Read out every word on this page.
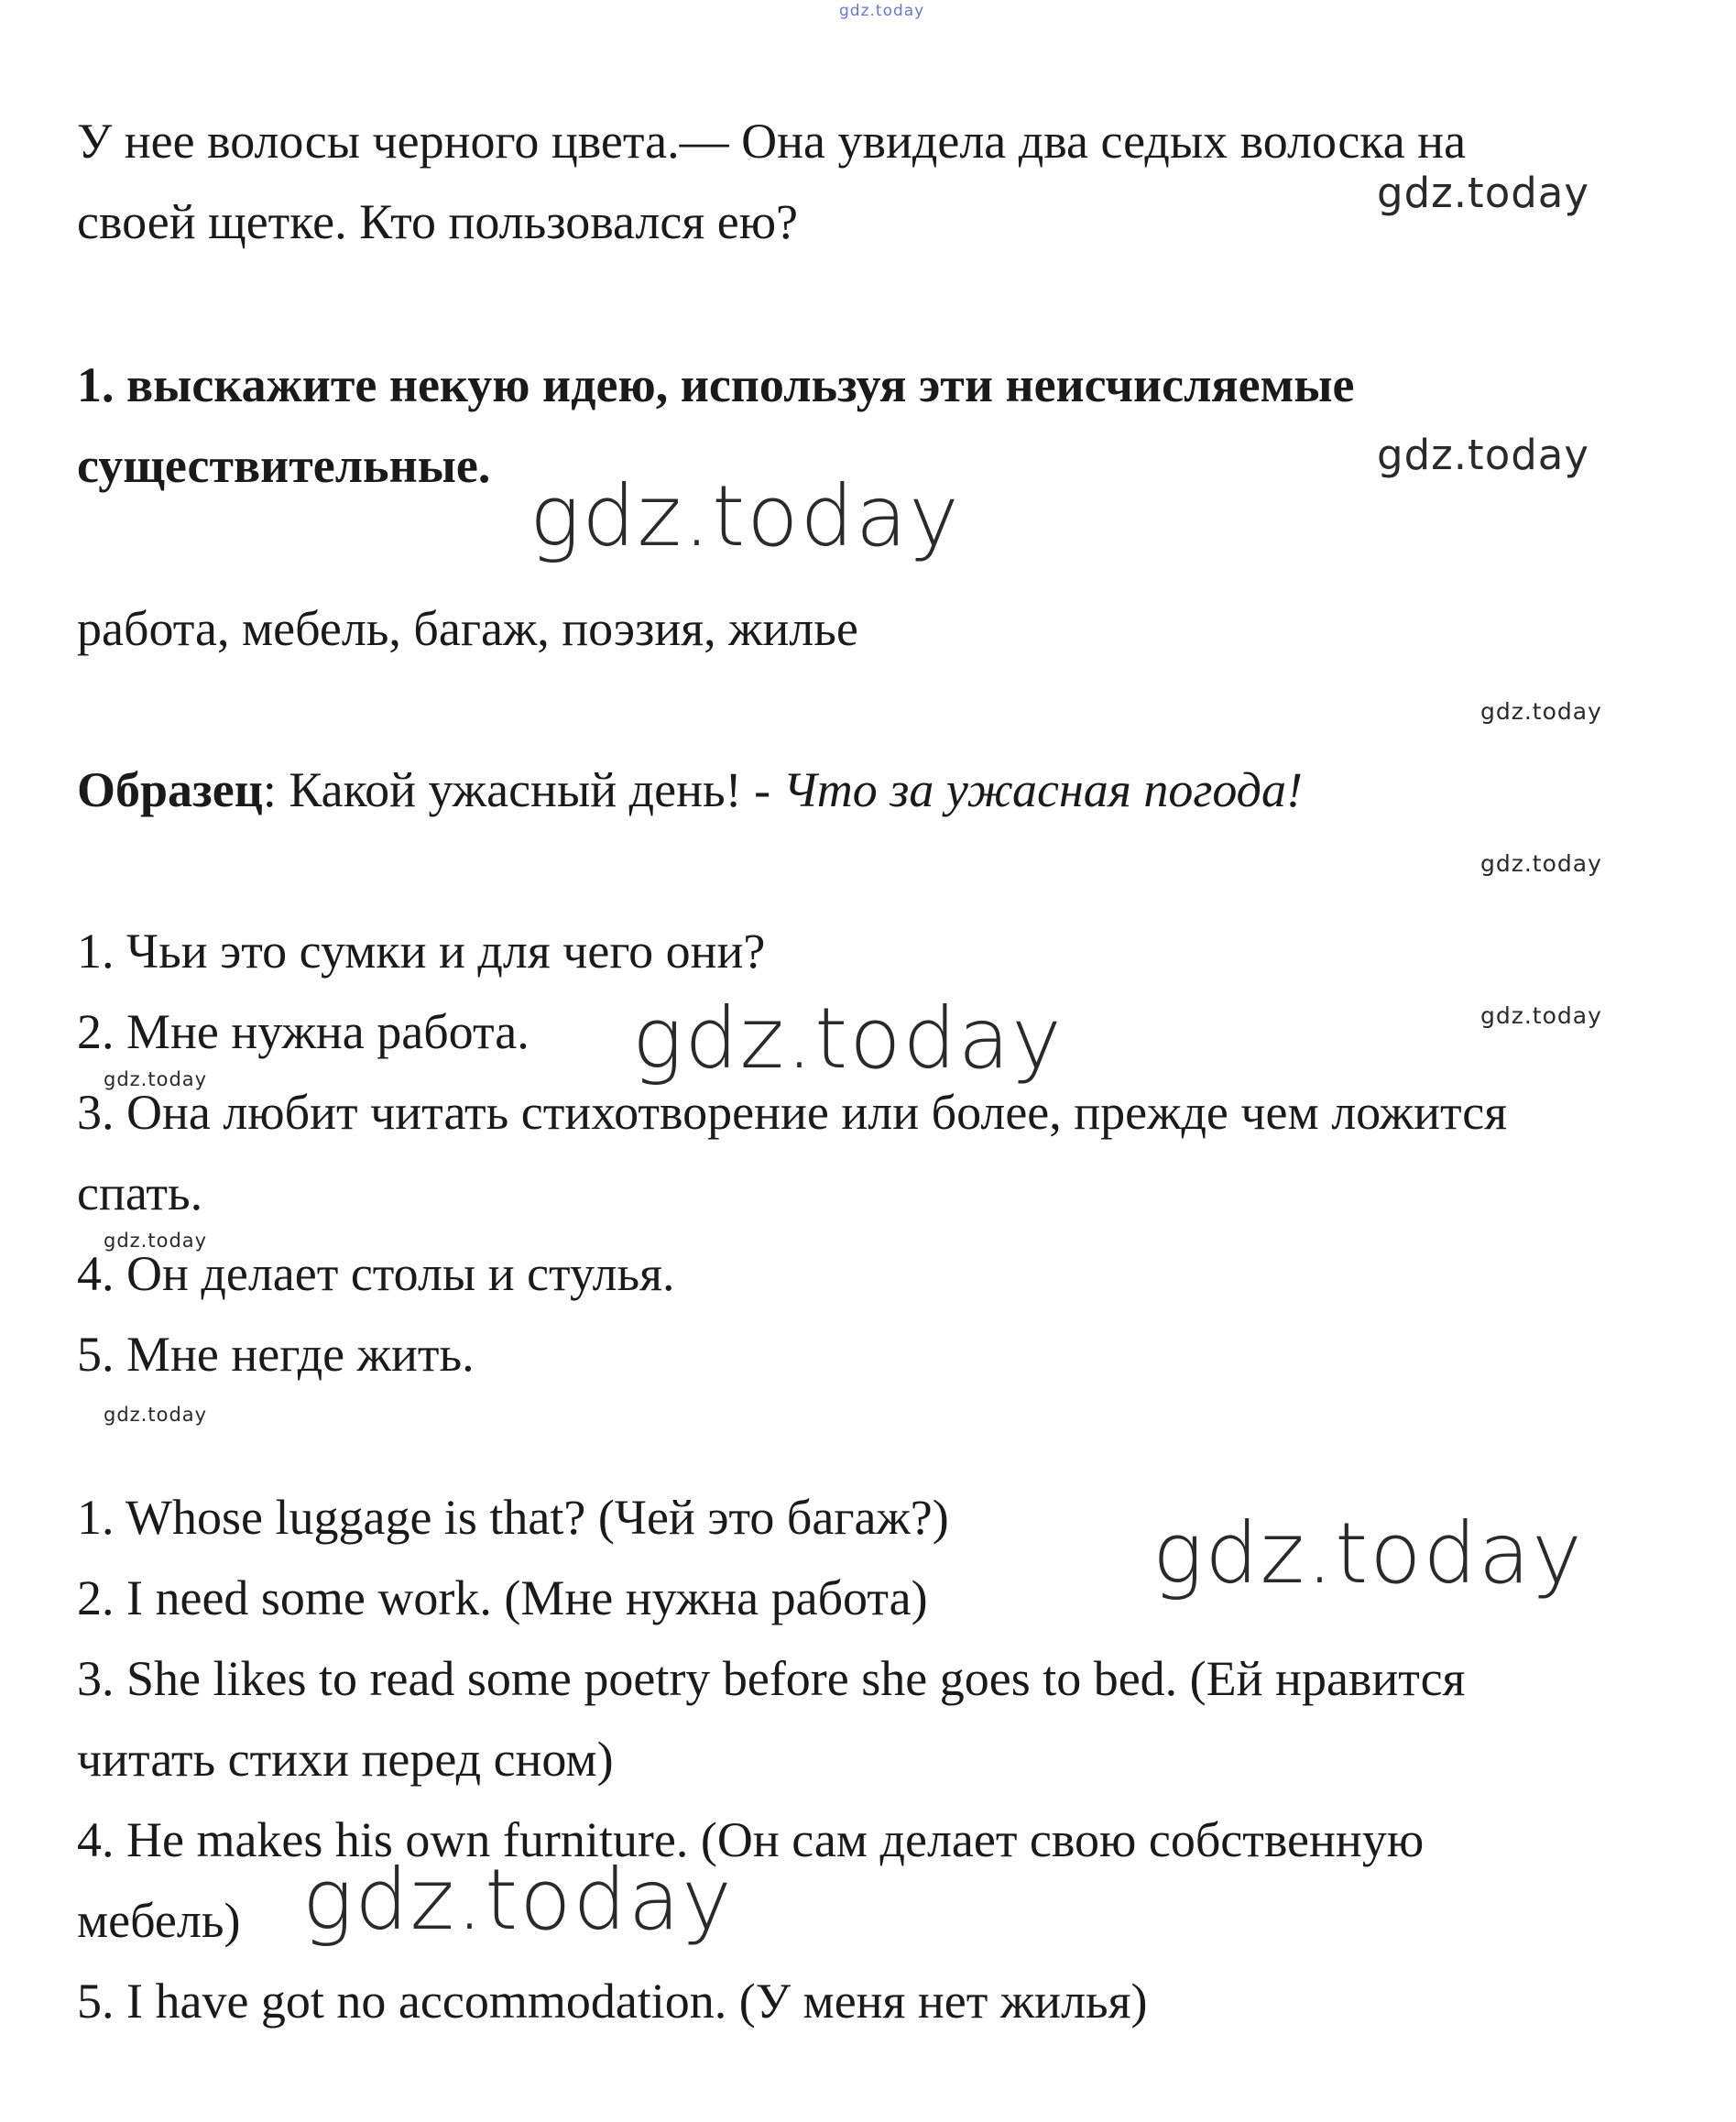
gdz.today
gdz.today
gdz.today
gdz.today
gdz.today
gdz.today
gdz.today
gdz.today
gdz.today
gdz.today
gdz.today
gdz.today
gdz.today
У нее волосы черного цвета.— Она увидела два седых волоска на
своей щетке. Кто пользовался ею?
1. выскажите некую идею, используя эти неисчисляемые
существительные.
работа, мебель, багаж, поэзия, жилье
Образец: Какой ужасный день! - Что за ужасная погода!
1. Чьи это сумки и для чего они?
2. Мне нужна работа.
3. Она любит читать стихотворение или более, прежде чем ложится
спать.
4. Он делает столы и стулья.
5. Мне негде жить.
1. Whose luggage is that? (Чей это багаж?)
2. I need some work. (Мне нужна работа)
3. She likes to read some poetry before she goes to bed. (Ей нравится
читать стихи перед сном)
4. He makes his own furniture. (Он сам делает свою собственную
мебель)
5. I have got no accommodation. (У меня нет жилья)
